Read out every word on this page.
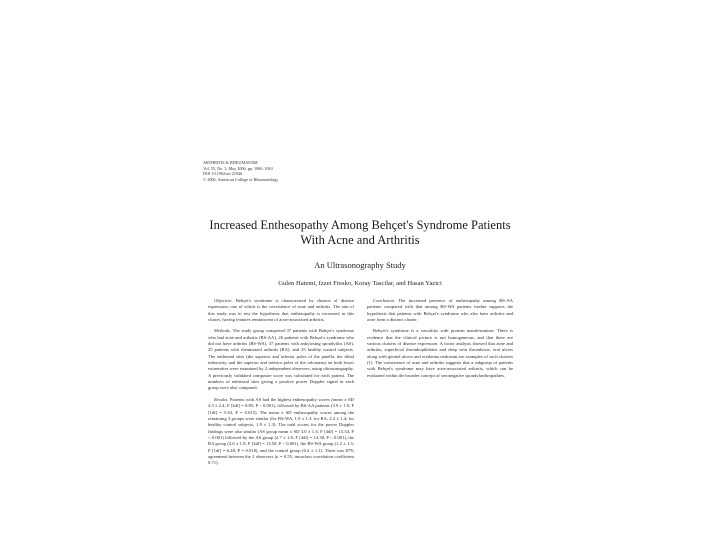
ARTHRITIS & RHEUMATISM
Vol. 55, No. 3, May 2006, pp. 1060–1063
DOI 10.1002/art.21946
© 2006, American College of Rheumatology
Increased Enthesopathy Among Behçet's Syndrome Patients With Acne and Arthritis
An Ultrasonography Study
Gulen Hatemi, Izzet Fresko, Koray Tascilar, and Hasan Yazici

Objective. Behçet's syndrome is characterized by clusters of disease expression, one of which is the coexistence of acne and arthritis. The aim of this study was to test the hypothesis that enthesopathy is increased in this cluster, having features reminiscent of acne-associated arthritis.

Methods. The study group comprised 37 patients with Behçet's syndrome who had acne and arthritis (BS-AA), 26 patients with Behçet's syndrome who did not have arthritis (BS-WA), 37 patients with ankylosing spondylitis (AS), 25 patients with rheumatoid arthritis (RA), and 25 healthy control subjects. The entheseal sites (the superior and inferior poles of the patella, the tibial tuberosity, and the superior and inferior poles of the calcaneus) on both lower extremities were examined by 2 independent observers, using ultrasonography. A previously validated composite score was calculated for each patient. The numbers of entheseal sites giving a positive power Doppler signal in each group were also compared.

Results. Patients with AS had the highest enthesopathy scores (mean ± SD 4.3 ± 2.4; F [4df] = 8.85; P < 0.001), followed by BS-AA patients (3.9 ± 1.9; F [1df] = 5.63, P = 0.015). The mean ± SD enthesopathy scores among the remaining 3 groups were similar (for BS-WA, 1.9 ± 1.3; for RA, 2.2 ± 1.4; for healthy control subjects, 1.9 ± 1.3). The total scores for the power Doppler findings were also similar (AS group mean ± SD 3.0 ± 1.3; F [4df] = 15.54, P < 0.001) followed by the AS group (2.7 ± 1.8; F [4df] = 14.38, P < 0.001), the RA group (2.6 ± 1.8; F [4df] = 13.58, P < 0.001), the BS-WA group (1.2 ± 1.3; F [1df] = 6.48, P = 0.018), and the control group (0.2 ± 1.1). There was 87% agreement between the 2 observers (κ = 0.55, intraclass correlation coefficient 0.71).

Conclusion. The increased presence of enthesopathy among BS-AA patients compared with that among BS-WA patients further supports the hypothesis that patients with Behçet's syndrome who also have arthritis and acne form a distinct cluster.

Behçet's syndrome is a vasculitis with protean manifestations. There is evidence that the clinical picture is not homogeneous, and that there are various clusters of disease expression. A factor analysis showed that acne and arthritis, superficial thrombophlebitis and deep vein thrombosis, oral ulcers along with genital ulcers and erythema nodosum are examples of such clusters (1). The coexistence of acne and arthritis suggests that a subgroup of patients with Behçet's syndrome may have acne-associated arthritis, which can be evaluated within the broader concept of seronegative spondylarthropathies.
